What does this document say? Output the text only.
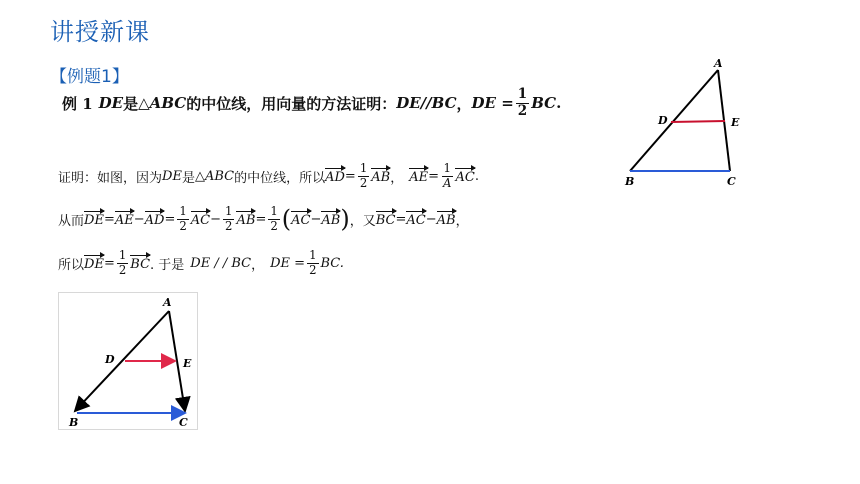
讲授新课
【例题1】
例 1 DE 是 △ABC 的中位线，用向量的方法证明： DE//BC ， DE = $\frac{1}{2}$ BC .
证明：如图，因为 DE 是 △ABC 的中位线，所以 AD = $\frac{1}{2}$ AB ， AE = $\frac{1}{A}$ AC .
从而 DE = AE − AD = $\frac{1}{2}$ AC − $\frac{1}{2}$ AB = $\frac{1}{2}$ ( AC − AB ) ，又 BC = AC − AB ，
所以 DE = $\frac{1}{2}$ BC . 于是 DE / / BC ， DE = $\frac{1}{2}$ BC.
A
D	E
B	C
A
D	E
B	C
